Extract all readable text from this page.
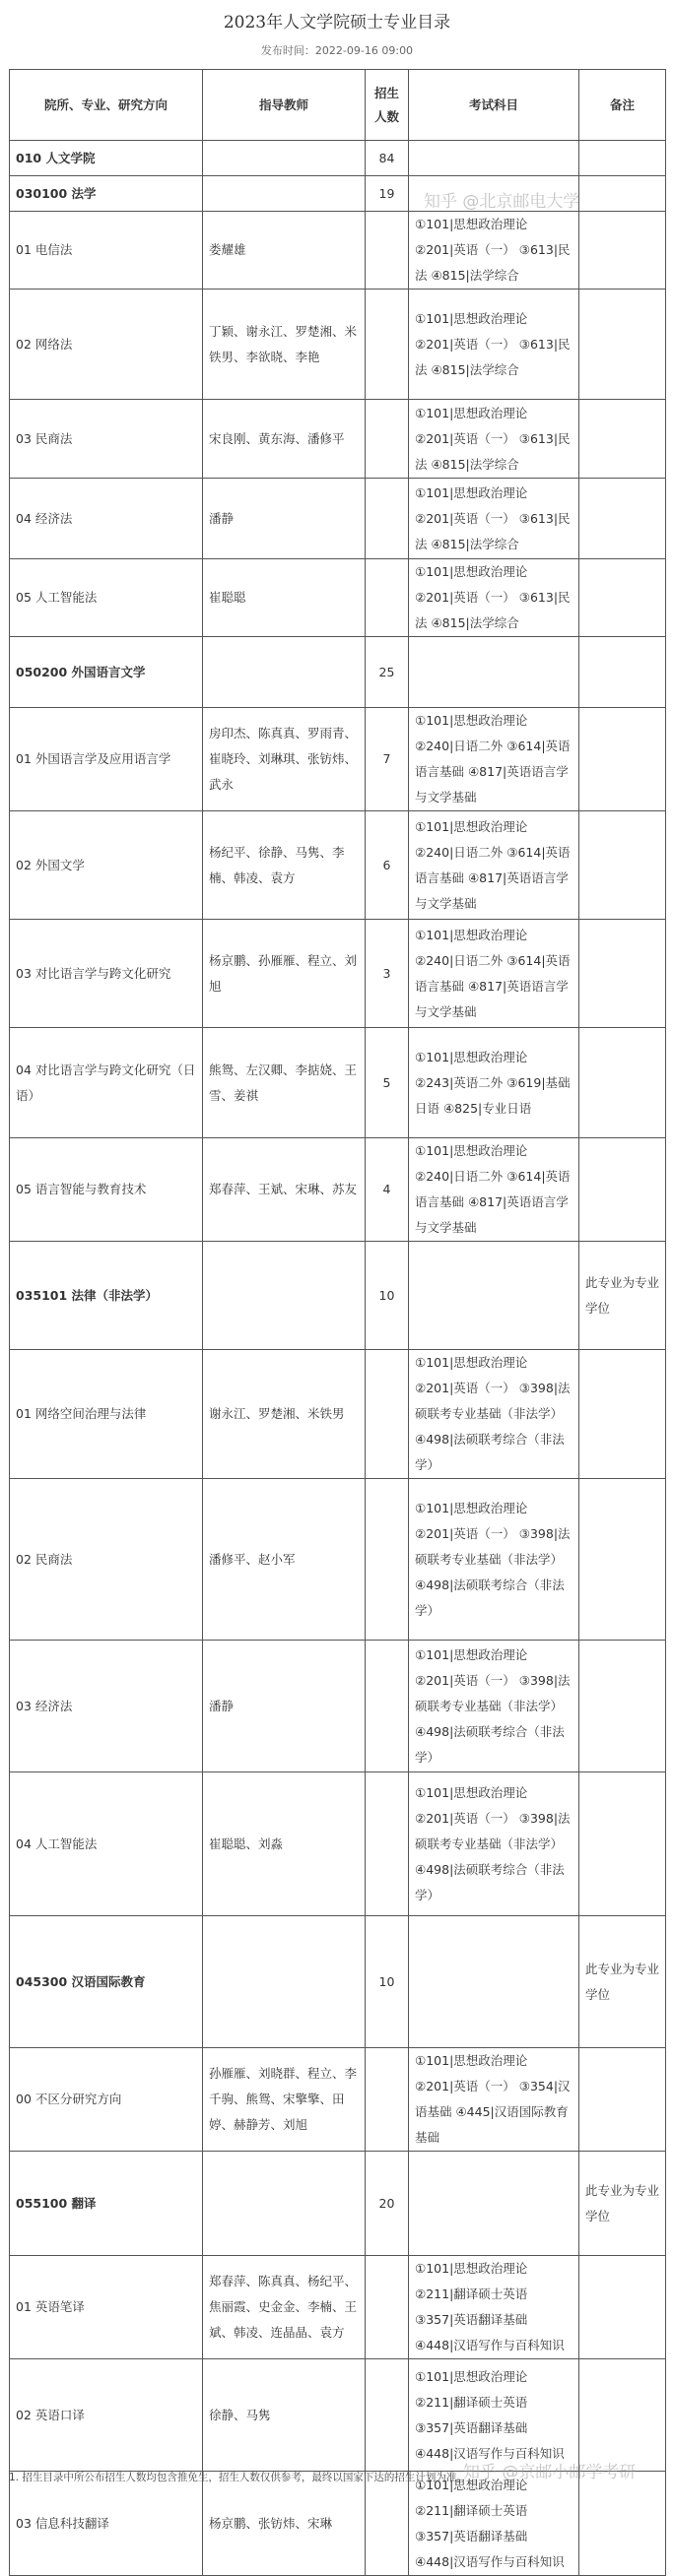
2023年人文学院硕士专业目录
发布时间：2022-09-16 09:00
院所、专业、研究方向	指导教师	招生人数	考试科目	备注
010 人文学院		84		
030100 法学		19		
01 电信法	娄耀雄		①101|思想政治理论
②201|英语（一） ③613|民法 ④815|法学综合	
02 网络法	丁颖、谢永江、罗楚湘、米铁男、李欲晓、李艳		①101|思想政治理论
②201|英语（一） ③613|民法 ④815|法学综合	
03 民商法	宋良刚、黄东海、潘修平		①101|思想政治理论
②201|英语（一） ③613|民法 ④815|法学综合	
04 经济法	潘静		①101|思想政治理论
②201|英语（一） ③613|民法 ④815|法学综合	
05 人工智能法	崔聪聪		①101|思想政治理论
②201|英语（一） ③613|民法 ④815|法学综合	
050200 外国语言文学		25		
01 外国语言学及应用语言学	房印杰、陈真真、罗雨青、崔晓玲、刘琳琪、张钫炜、武永	7	①101|思想政治理论
②240|日语二外 ③614|英语语言基础 ④817|英语语言学与文学基础	
02 外国文学	杨纪平、徐静、马隽、李楠、韩凌、袁方	6	①101|思想政治理论
②240|日语二外 ③614|英语语言基础 ④817|英语语言学与文学基础	
03 对比语言学与跨文化研究	杨京鹏、孙雁雁、程立、刘旭	3	①101|思想政治理论
②240|日语二外 ③614|英语语言基础 ④817|英语语言学与文学基础	
04 对比语言学与跨文化研究（日语）	熊鸳、左汉卿、李掂娆、王雪、姜祺	5	①101|思想政治理论
②243|英语二外 ③619|基础日语 ④825|专业日语	
05 语言智能与教育技术	郑春萍、王斌、宋琳、苏友	4	①101|思想政治理论
②240|日语二外 ③614|英语语言基础 ④817|英语语言学与文学基础	
035101 法律（非法学）		10		此专业为专业学位
01 网络空间治理与法律	谢永江、罗楚湘、米铁男		①101|思想政治理论
②201|英语（一） ③398|法硕联考专业基础（非法学） ④498|法硕联考综合（非法学）	
02 民商法	潘修平、赵小军		①101|思想政治理论
②201|英语（一） ③398|法硕联考专业基础（非法学） ④498|法硕联考综合（非法学）	
03 经济法	潘静		①101|思想政治理论
②201|英语（一） ③398|法硕联考专业基础（非法学） ④498|法硕联考综合（非法学）	
04 人工智能法	崔聪聪、刘淼		①101|思想政治理论
②201|英语（一） ③398|法硕联考专业基础（非法学） ④498|法硕联考综合（非法学）	
045300 汉语国际教育		10		此专业为专业学位
00 不区分研究方向	孙雁雁、刘晓群、程立、李千驹、熊鸳、宋擎擎、田婷、赫静芳、刘旭		①101|思想政治理论
②201|英语（一） ③354|汉语基础 ④445|汉语国际教育基础	
055100 翻译		20		此专业为专业学位
01 英语笔译	郑春萍、陈真真、杨纪平、焦丽霞、史金金、李楠、王斌、韩凌、连晶晶、袁方		①101|思想政治理论
②211|翻译硕士英语
③357|英语翻译基础
④448|汉语写作与百科知识	
02 英语口译	徐静、马隽		①101|思想政治理论
②211|翻译硕士英语
③357|英语翻译基础
④448|汉语写作与百科知识	
03 信息科技翻译	杨京鹏、张钫炜、宋琳		①101|思想政治理论
②211|翻译硕士英语
③357|英语翻译基础
④448|汉语写作与百科知识	
知乎 @北京邮电大学
知乎 @京邮小邮学考研
1. 招生目录中所公布招生人数均包含推免生，招生人数仅供参考，最终以国家下达的招生计划为准。
